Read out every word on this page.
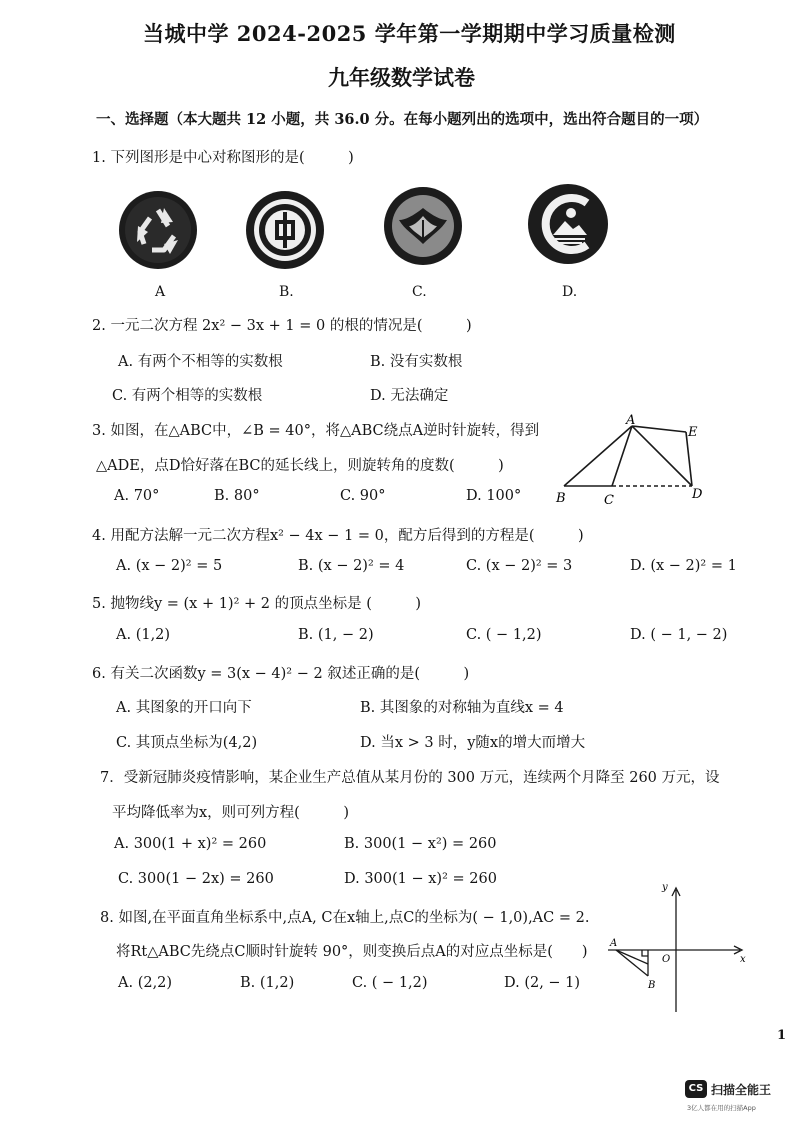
当城中学 2024-2025 学年第一学期期中学习质量检测
九年级数学试卷
一、选择题（本大题共 12 小题，共 36.0 分。在每小题列出的选项中，选出符合题目的一项）
1. 下列图形是中心对称图形的是(　　　)
A	B.	C.	D.
2. 一元二次方程 2x² − 3x + 1 = 0 的根的情况是(　　　)
A. 有两个不相等的实数根	B. 没有实数根
C. 有两个相等的实数根	D. 无法确定
3. 如图，在△ABC中，∠B = 40°，将△ABC绕点A逆时针旋转，得到
△ADE，点D恰好落在BC的延长线上，则旋转角的度数(　　　)
A. 70°	B. 80°	C. 90°	D. 100°
A
E
B	C	D
4. 用配方法解一元二次方程x² − 4x − 1 = 0，配方后得到的方程是(　　　)
A. (x − 2)² = 5	B. (x − 2)² = 4	C. (x − 2)² = 3	D. (x − 2)² = 1
5. 抛物线y = (x + 1)² + 2 的顶点坐标是 (　　　)
A. (1,2)	B. (1, − 2)	C. ( − 1,2)	D. ( − 1, − 2)
6. 有关二次函数y = 3(x − 4)² − 2 叙述正确的是(　　　)
A. 其图象的开口向下	B. 其图象的对称轴为直线x = 4
C. 其顶点坐标为(4,2)	D. 当x > 3 时，y随x的增大而增大
7．受新冠肺炎疫情影响，某企业生产总值从某月份的 300 万元，连续两个月降至 260 万元，设
平均降低率为x，则可列方程(　　　)
A. 300(1 + x)² = 260	B. 300(1 − x²) = 260
C. 300(1 − 2x) = 260	D. 300(1 − x)² = 260
8. 如图,在平面直角坐标系中,点A, C在x轴上,点C的坐标为( − 1,0),AC = 2.
将Rt△ABC先绕点C顺时针旋转 90°，则变换后点A的对应点坐标是(　　)
A. (2,2)	B. (1,2)	C. ( − 1,2)	D. (2, − 1)
y
A
O	x
B
1
CS 扫描全能王
3亿人都在用的扫描App
